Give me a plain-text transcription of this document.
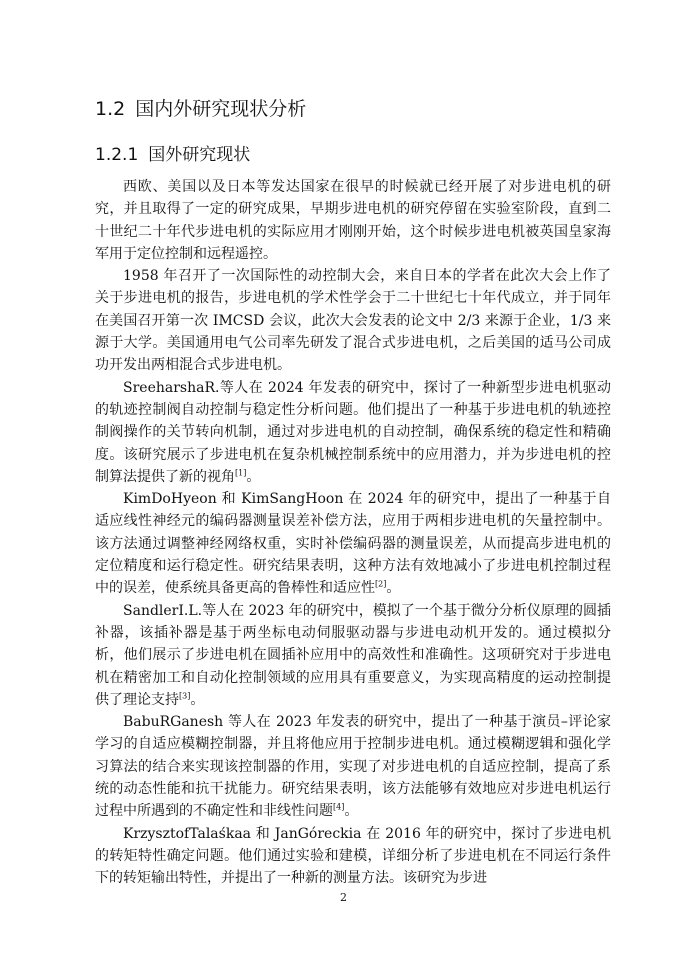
1.2 国内外研究现状分析
1.2.1 国外研究现状

西欧、美国以及日本等发达国家在很早的时候就已经开展了对步进电机的研究，并且取得了一定的研究成果，早期步进电机的研究停留在实验室阶段，直到二十世纪二十年代步进电机的实际应用才刚刚开始，这个时候步进电机被英国皇家海军用于定位控制和远程遥控。

1958 年召开了一次国际性的动控制大会，来自日本的学者在此次大会上作了关于步进电机的报告，步进电机的学术性学会于二十世纪七十年代成立，并于同年在美国召开第一次 IMCSD 会议，此次大会发表的论文中 2/3 来源于企业，1/3 来源于大学。美国通用电气公司率先研发了混合式步进电机，之后美国的适马公司成功开发出两相混合式步进电机。

SreeharshaR.等人在 2024 年发表的研究中，探讨了一种新型步进电机驱动的轨迹控制阀自动控制与稳定性分析问题。他们提出了一种基于步进电机的轨迹控制阀操作的关节转向机制，通过对步进电机的自动控制，确保系统的稳定性和精确度。该研究展示了步进电机在复杂机械控制系统中的应用潜力，并为步进电机的控制算法提供了新的视角[1]。

KimDoHyeon 和 KimSangHoon 在 2024 年的研究中，提出了一种基于自适应线性神经元的编码器测量误差补偿方法，应用于两相步进电机的矢量控制中。该方法通过调整神经网络权重，实时补偿编码器的测量误差，从而提高步进电机的定位精度和运行稳定性。研究结果表明，这种方法有效地减小了步进电机控制过程中的误差，使系统具备更高的鲁棒性和适应性[2]。

SandlerI.L.等人在 2023 年的研究中，模拟了一个基于微分分析仪原理的圆插补器，该插补器是基于两坐标电动伺服驱动器与步进电动机开发的。通过模拟分析，他们展示了步进电机在圆插补应用中的高效性和准确性。这项研究对于步进电机在精密加工和自动化控制领域的应用具有重要意义，为实现高精度的运动控制提供了理论支持[3]。

BabuRGanesh 等人在 2023 年发表的研究中，提出了一种基于演员–评论家学习的自适应模糊控制器，并且将他应用于控制步进电机。通过模糊逻辑和强化学习算法的结合来实现该控制器的作用，实现了对步进电机的自适应控制，提高了系统的动态性能和抗干扰能力。研究结果表明，该方法能够有效地应对步进电机运行过程中所遇到的不确定性和非线性问题[4]。

KrzysztofTalaśkaa 和 JanGóreckia 在 2016 年的研究中，探讨了步进电机的转矩特性确定问题。他们通过实验和建模，详细分析了步进电机在不同运行条件下的转矩输出特性，并提出了一种新的测量方法。该研究为步进

2
